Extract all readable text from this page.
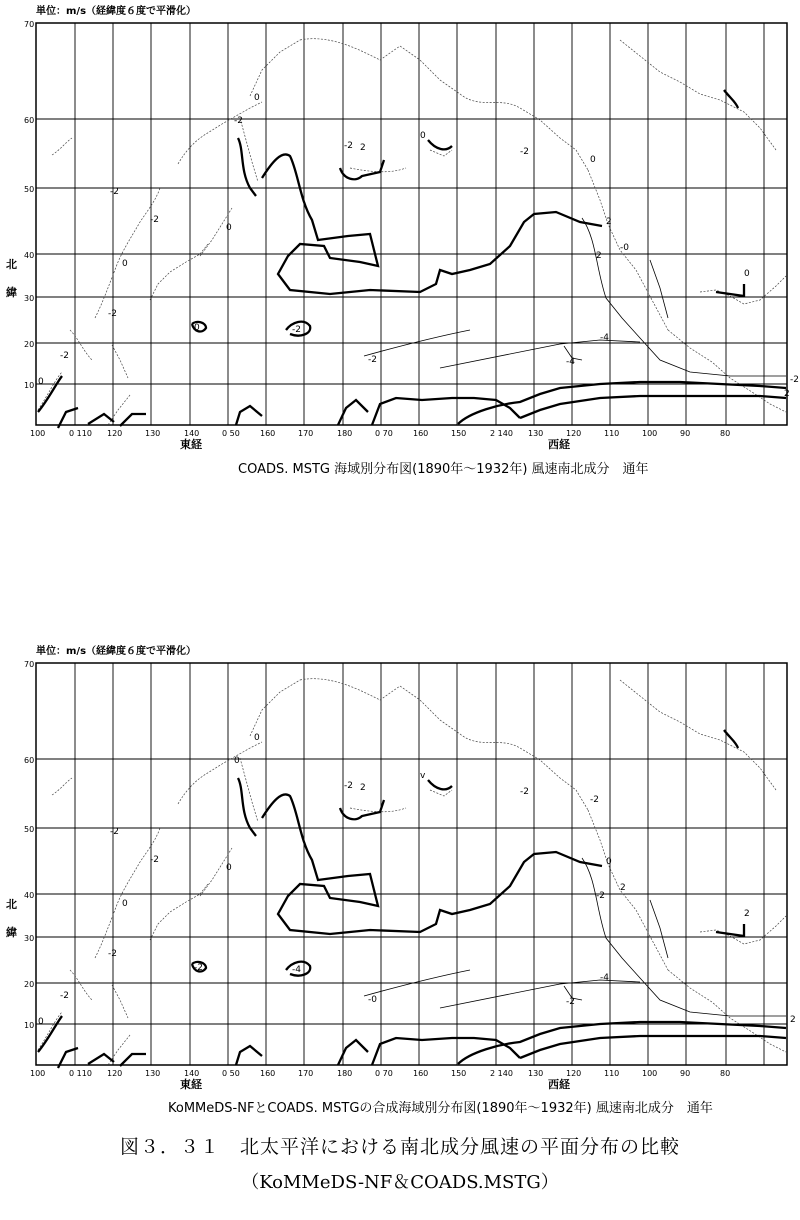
0
-2
0
-2 2
0
-2
0
-2
-2
0
-2
-2
0
0	-2
-4
-4
-2
-0
2
0
2
-2
2
単位：m/s（経緯度６度で平滑化）
70
60
50
40
30
20
10
北
緯
100	0 110 120	130	140	0 50	160	170	180	0 70	160	150	2 140 130	120	110	100	90	80
東経	西経
COADS. MSTG 海域別分布図(1890年～1932年) 風速南北成分　通年
0
-2
0
-2 2
v
-2
-2
0
-2
0
-2
-2
0
-2	-4
-4
-2
-0
2
0
2
-2
2
単位：m/s（経緯度６度で平滑化）
70
60
50
40
30
20
10
北
緯
100	0 110 120	130	140	0 50	160	170	180	0 70	160	150	2 140 130	120	110	100	90	80
東経	西経
KoMMeDS-NFとCOADS. MSTGの合成海域別分布図(1890年～1932年) 風速南北成分　通年
図３．３１　北太平洋における南北成分風速の平面分布の比較
（KoMMeDS-NF＆COADS.MSTG）
